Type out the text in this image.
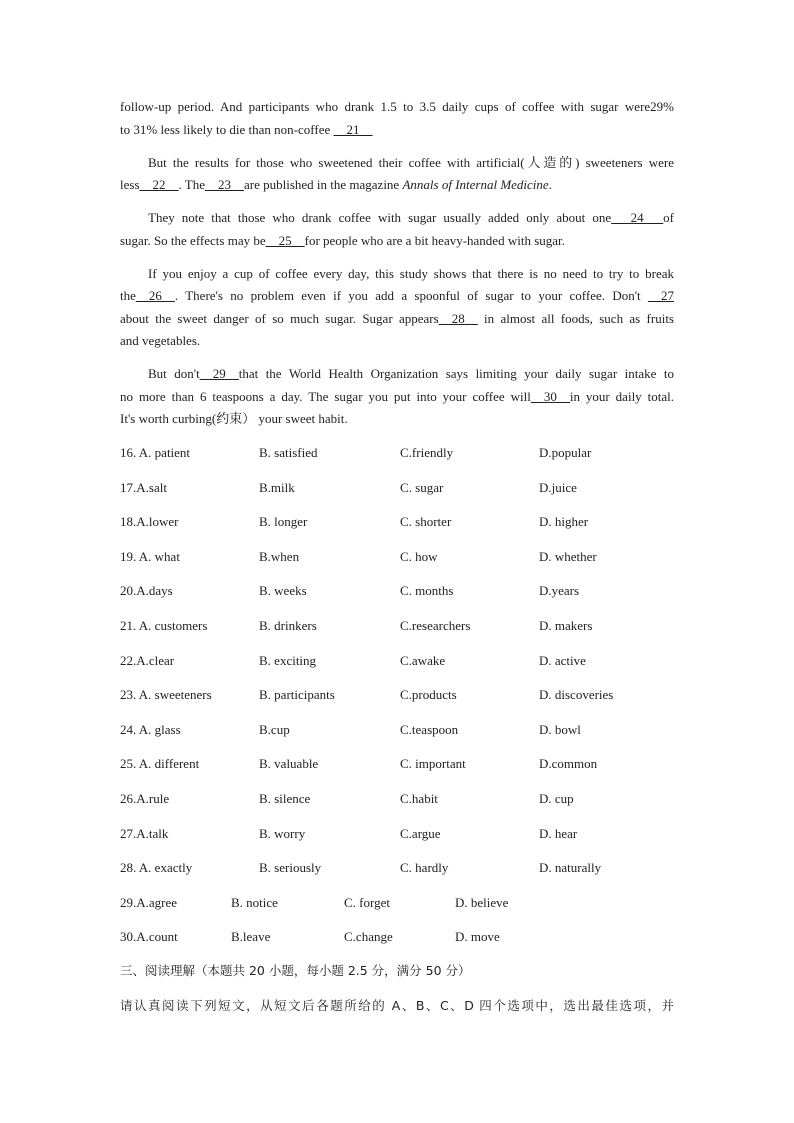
follow-up period. And participants who drank 1.5 to 3.5 daily cups of coffee with sugar were29%
to 31% less likely to die than non-coffee __21__
But the results for those who sweetened their coffee with artificial(人造的) sweeteners were
less__22__. The__23__are published in the magazine Annals of Internal Medicine.
They note that those who drank coffee with sugar usually added only about one___24___of
sugar. So the effects may be__25__for people who are a bit heavy-handed with sugar.
If you enjoy a cup of coffee every day, this study shows that there is no need to try to break
the__26__. There's no problem even if you add a spoonful of sugar to your coffee. Don't __27
about the sweet danger of so much sugar. Sugar appears__28__ in almost all foods, such as fruits
and vegetables.
But don't__29__that the World Health Organization says limiting your daily sugar intake to
no more than 6 teaspoons a day. The sugar you put into your coffee will__30__in your daily total.
It's worth curbing(约束） your sweet habit.
16. A. patient	B. satisfied	C.friendly	D.popular
17.A.salt	B.milk	C. sugar	D.juice
18.A.lower	B. longer	C. shorter	D. higher
19. A. what	B.when	C. how	D. whether
20.A.days	B. weeks	C. months	D.years
21. A. customers	B. drinkers	C.researchers	D. makers
22.A.clear	B. exciting	C.awake	D. active
23. A. sweeteners	B. participants	C.products	D. discoveries
24. A. glass	B.cup	C.teaspoon	D. bowl
25. A. different	B. valuable	C. important	D.common
26.A.rule	B. silence	C.habit	D. cup
27.A.talk	B. worry	C.argue	D. hear
28. A. exactly	B. seriously	C. hardly	D. naturally
29.A.agree	B. notice	C. forget	D. believe
30.A.count	B.leave	C.change	D. move
三、阅读理解（本题共 20 小题，每小题 2.5 分，满分 50 分）
请认真阅读下列短文，从短文后各题所给的 A、B、C、D 四个选项中，选出最佳选项，并
